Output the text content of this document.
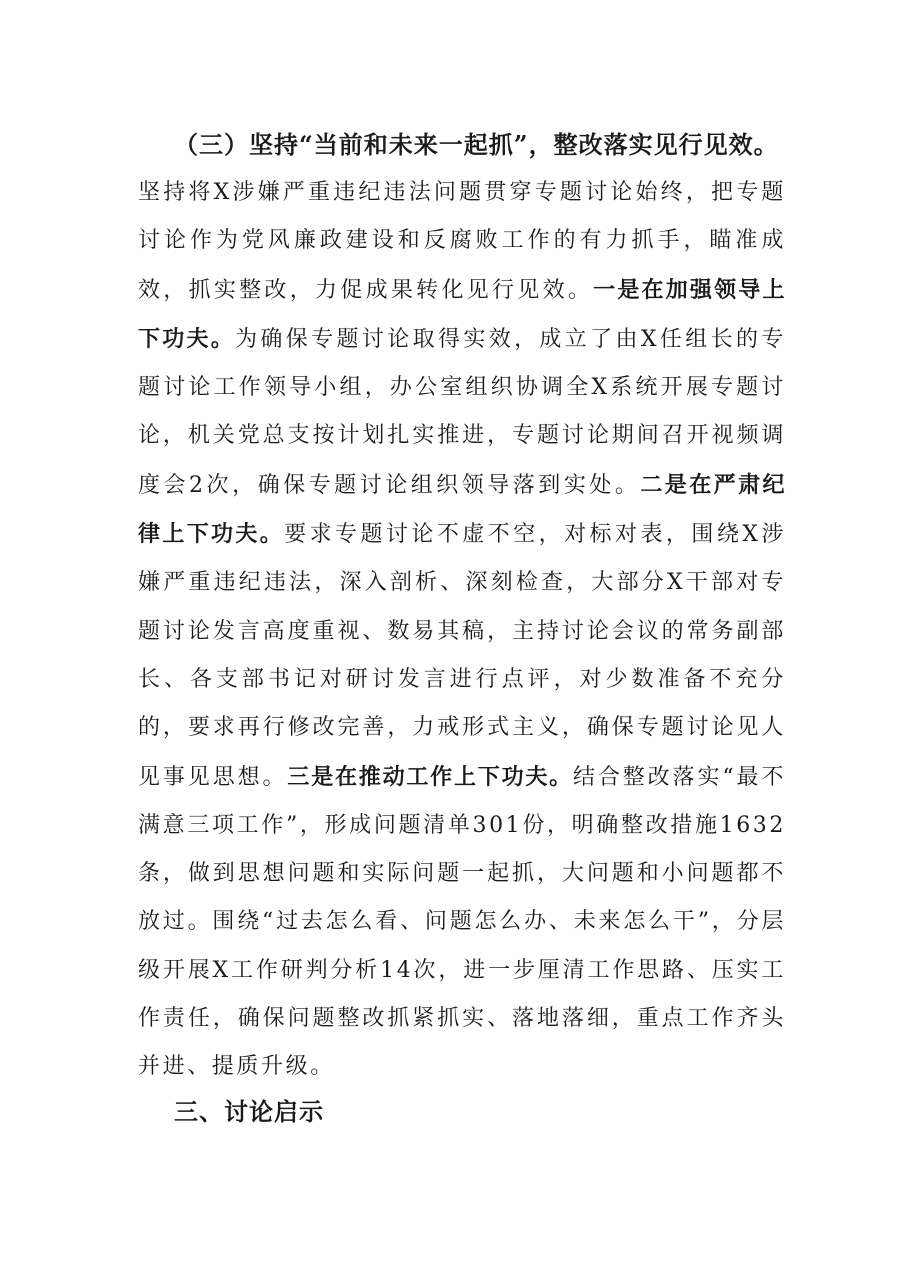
（三）坚持“当前和未来一起抓”，整改落实见行见效。

坚持将X涉嫌严重违纪违法问题贯穿专题讨论始终，把专题讨论作为党风廉政建设和反腐败工作的有力抓手，瞄准成效，抓实整改，力促成果转化见行见效。一是在加强领导上下功夫。为确保专题讨论取得实效，成立了由X任组长的专题讨论工作领导小组，办公室组织协调全X系统开展专题讨论，机关党总支按计划扎实推进，专题讨论期间召开视频调度会2次，确保专题讨论组织领导落到实处。二是在严肃纪律上下功夫。要求专题讨论不虚不空，对标对表，围绕X涉嫌严重违纪违法，深入剖析、深刻检查，大部分X干部对专题讨论发言高度重视、数易其稿，主持讨论会议的常务副部长、各支部书记对研讨发言进行点评，对少数准备不充分的，要求再行修改完善，力戒形式主义，确保专题讨论见人见事见思想。三是在推动工作上下功夫。结合整改落实“最不满意三项工作”，形成问题清单301份，明确整改措施1632条，做到思想问题和实际问题一起抓，大问题和小问题都不放过。围绕“过去怎么看、问题怎么办、未来怎么干”，分层级开展X工作研判分析14次，进一步厘清工作思路、压实工作责任，确保问题整改抓紧抓实、落地落细，重点工作齐头并进、提质升级。

三、讨论启示
